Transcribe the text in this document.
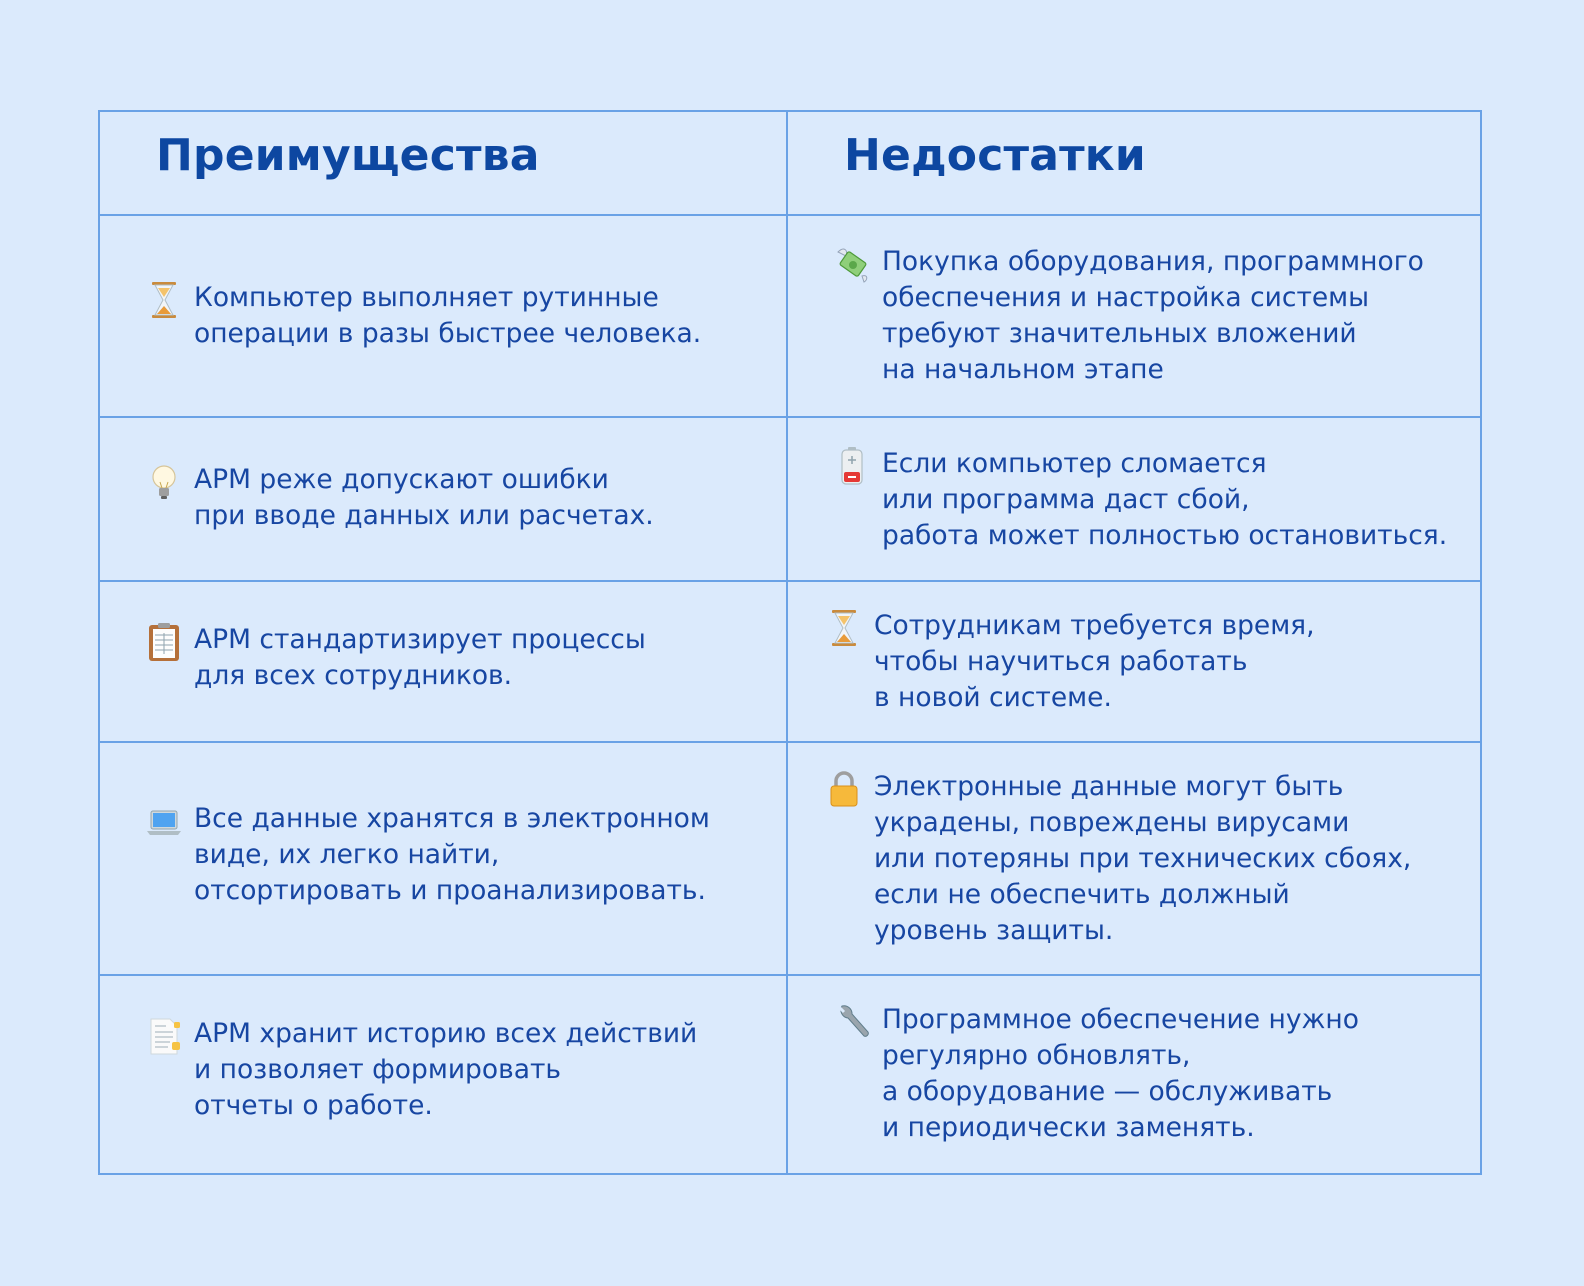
Преимущества	Недостатки
Компьютер выполняет рутинные
операции в разы быстрее человека.
Покупка оборудования, программного
обеспечения и настройка системы
требуют значительных вложений
на начальном этапе
АРМ реже допускают ошибки
при вводе данных или расчетах.
Если компьютер сломается
или программа даст сбой,
работа может полностью остановиться.
АРМ стандартизирует процессы
для всех сотрудников.
Сотрудникам требуется время,
чтобы научиться работать
в новой системе.
Все данные хранятся в электронном
виде, их легко найти,
отсортировать и проанализировать.
Электронные данные могут быть
украдены, повреждены вирусами
или потеряны при технических сбоях,
если не обеспечить должный
уровень защиты.
АРМ хранит историю всех действий
и позволяет формировать
отчеты о работе.
Программное обеспечение нужно
регулярно обновлять,
а оборудование — обслуживать
и периодически заменять.
